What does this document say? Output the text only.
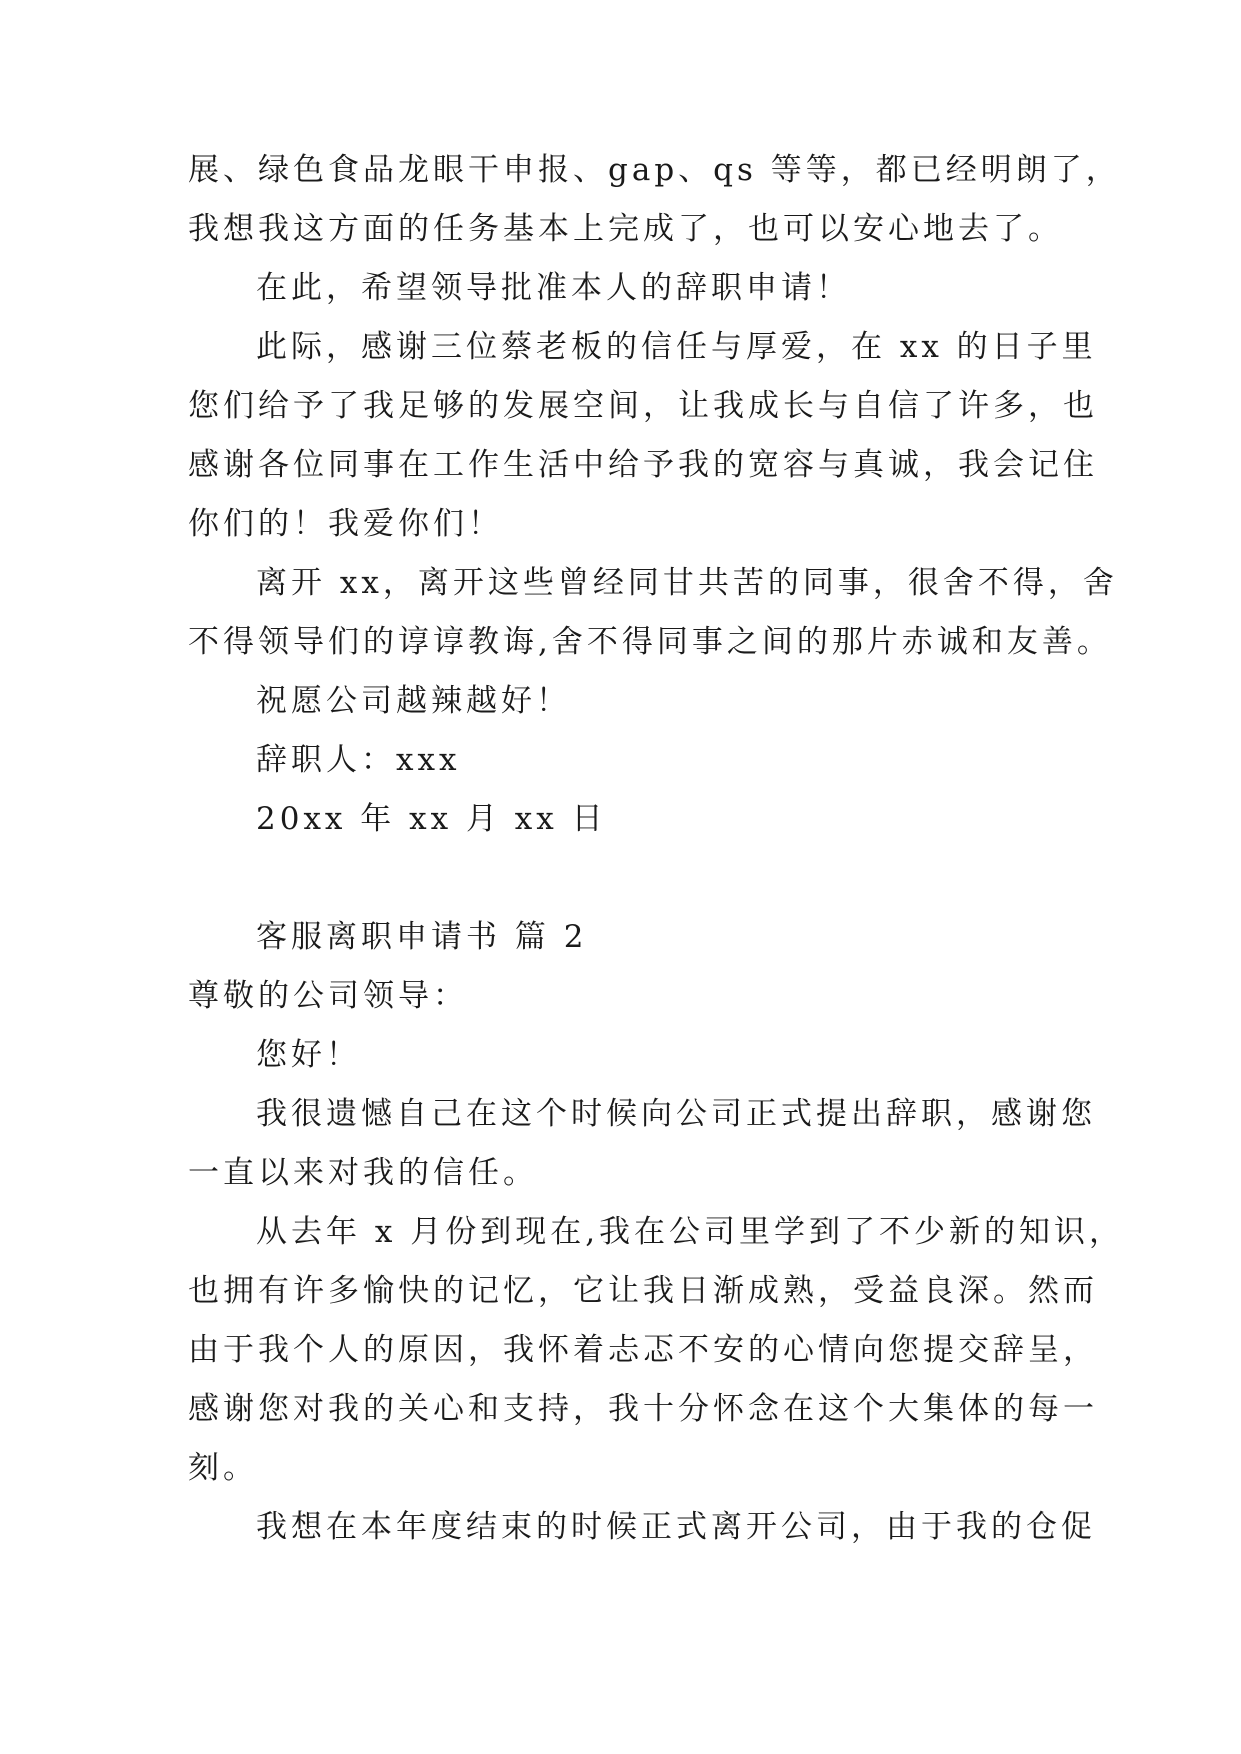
展、绿色食品龙眼干申报、gap、qs 等等，都已经明朗了，
我想我这方面的任务基本上完成了，也可以安心地去了。
在此，希望领导批准本人的辞职申请！
此际，感谢三位蔡老板的信任与厚爱，在 xx 的日子里
您们给予了我足够的发展空间，让我成长与自信了许多，也
感谢各位同事在工作生活中给予我的宽容与真诚，我会记住
你们的！我爱你们！
离开 xx，离开这些曾经同甘共苦的同事，很舍不得，舍
不得领导们的谆谆教诲,舍不得同事之间的那片赤诚和友善。
祝愿公司越辣越好！
辞职人：xxx
20xx 年 xx 月 xx 日
客服离职申请书 篇 2
尊敬的公司领导：
您好！
我很遗憾自己在这个时候向公司正式提出辞职，感谢您
一直以来对我的信任。
从去年 x 月份到现在,我在公司里学到了不少新的知识，
也拥有许多愉快的记忆，它让我日渐成熟，受益良深。然而
由于我个人的原因，我怀着忐忑不安的心情向您提交辞呈，
感谢您对我的关心和支持，我十分怀念在这个大集体的每一
刻。
我想在本年度结束的时候正式离开公司，由于我的仓促
